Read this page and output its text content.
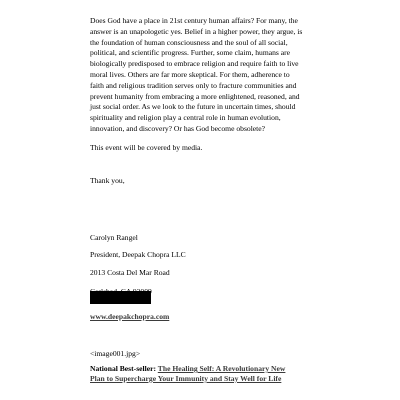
Does God have a place in 21st century human affairs? For many, the
answer is an unapologetic yes. Belief in a higher power, they argue, is
the foundation of human consciousness and the soul of all social,
political, and scientific progress. Further, some claim, humans are
biologically predisposed to embrace religion and require faith to live
moral lives. Others are far more skeptical. For them, adherence to
faith and religious tradition serves only to fracture communities and
prevent humanity from embracing a more enlightened, reasoned, and
just social order. As we look to the future in uncertain times, should
spirituality and religion play a central role in human evolution,
innovation, and discovery? Or has God become obsolete?

This event will be covered by media.

Thank you,

Carolyn Rangel

President, Deepak Chopra LLC

2013 Costa Del Mar Road

www.deepakchopra.com

<image001.jpg>

National Best-seller: The Healing Self: A Revolutionary New
Plan to Supercharge Your Immunity and Stay Well for Life
